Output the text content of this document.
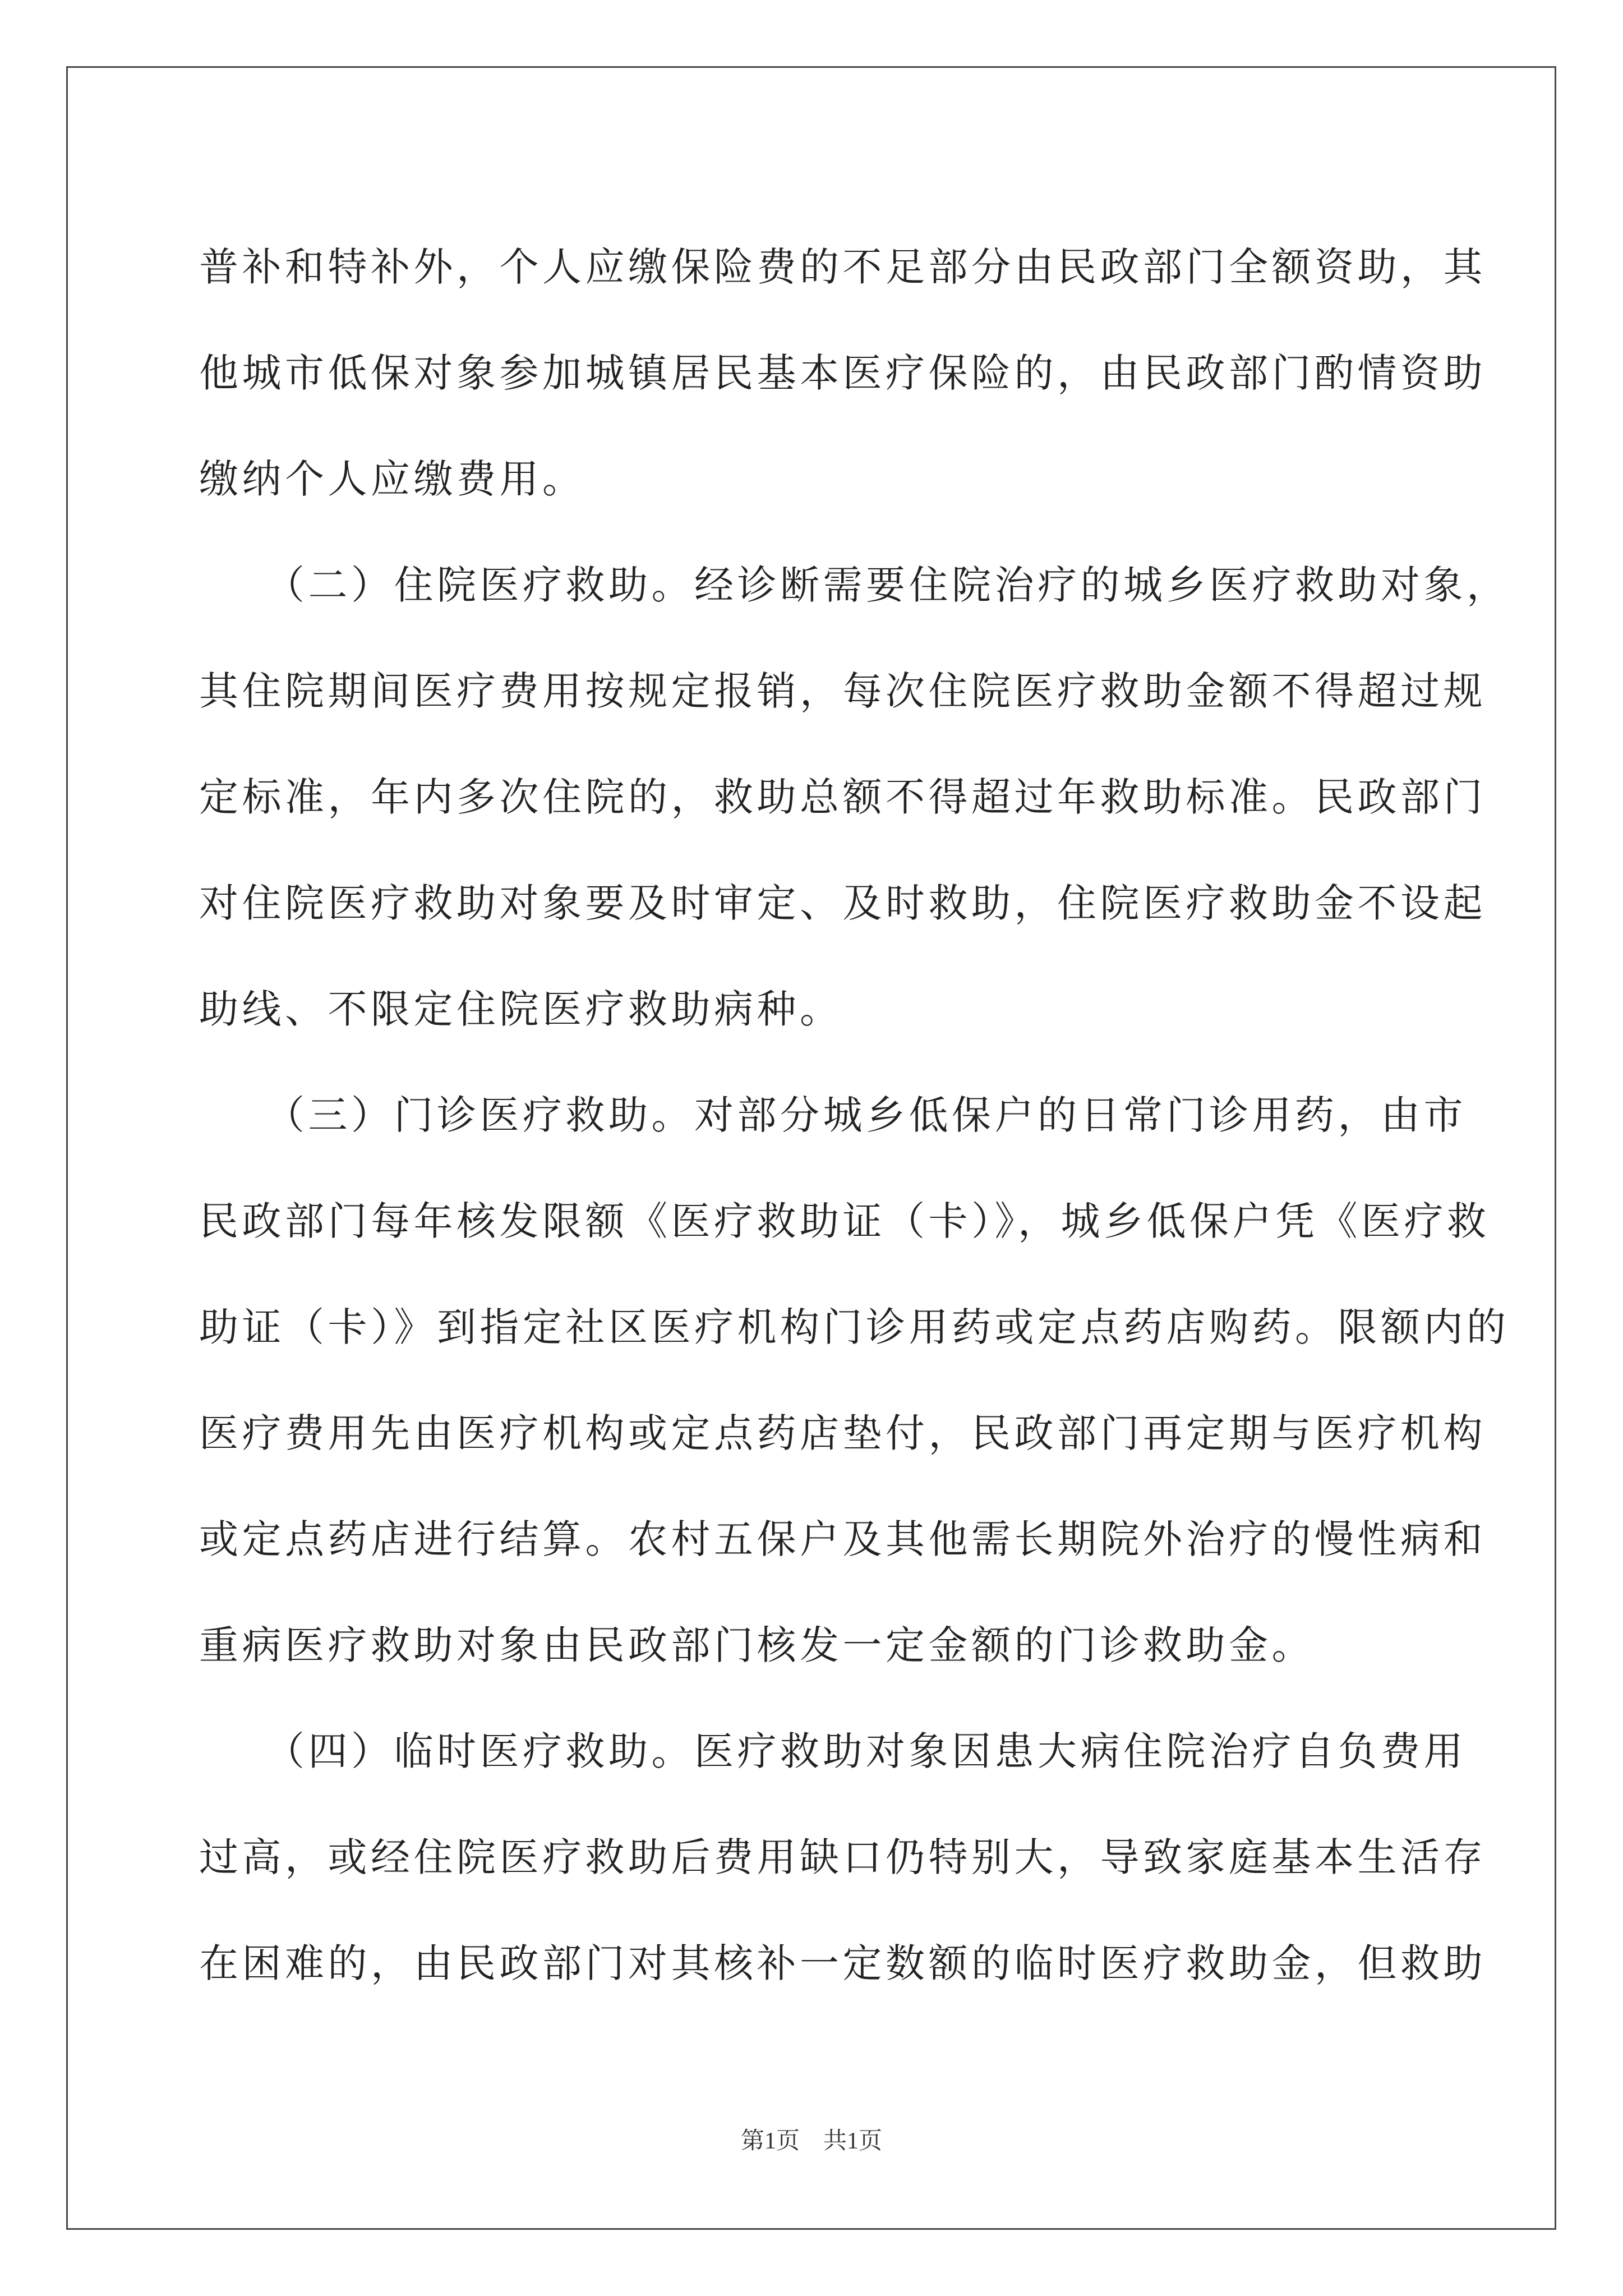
普补和特补外，个人应缴保险费的不足部分由民政部门全额资助，其
他城市低保对象参加城镇居民基本医疗保险的，由民政部门酌情资助
缴纳个人应缴费用。
　　（二）住院医疗救助。经诊断需要住院治疗的城乡医疗救助对象，
其住院期间医疗费用按规定报销，每次住院医疗救助金额不得超过规
定标准，年内多次住院的，救助总额不得超过年救助标准。民政部门
对住院医疗救助对象要及时审定、及时救助，住院医疗救助金不设起
助线、不限定住院医疗救助病种。
　　（三）门诊医疗救助。对部分城乡低保户的日常门诊用药，由市
民政部门每年核发限额《医疗救助证（卡）》，城乡低保户凭《医疗救
助证（卡）》到指定社区医疗机构门诊用药或定点药店购药。限额内的
医疗费用先由医疗机构或定点药店垫付，民政部门再定期与医疗机构
或定点药店进行结算。农村五保户及其他需长期院外治疗的慢性病和
重病医疗救助对象由民政部门核发一定金额的门诊救助金。
　　（四）临时医疗救助。医疗救助对象因患大病住院治疗自负费用
过高，或经住院医疗救助后费用缺口仍特别大，导致家庭基本生活存
在困难的，由民政部门对其核补一定数额的临时医疗救助金，但救助
第1页　共1页
